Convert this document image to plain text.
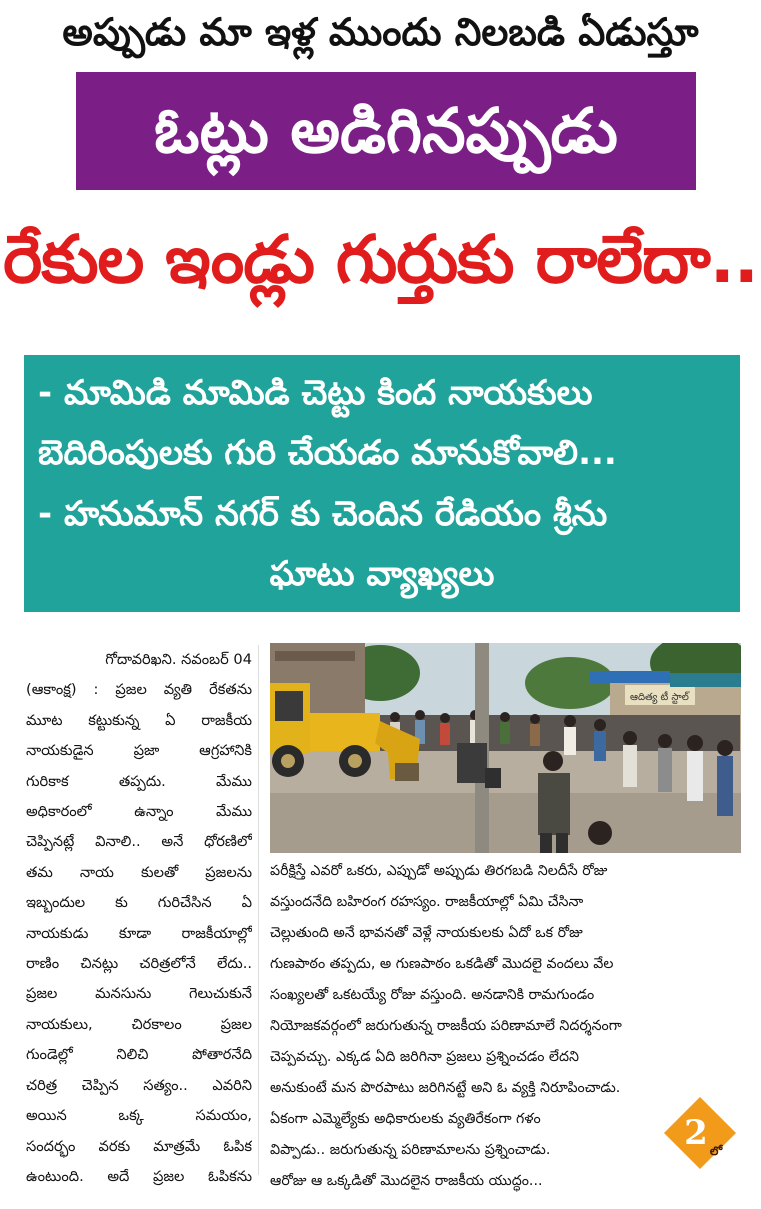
అప్పుడు మా ఇళ్ల ముందు నిలబడి ఏడుస్తూ
ఓట్లు అడిగినప్పుడు
రేకుల ఇండ్లు గుర్తుకు రాలేదా..
- మామిడి మామిడి చెట్టు కింద నాయకులు
బెదిరింపులకు గురి చేయడం మానుకోవాలి...
- హనుమాన్ నగర్ కు చెందిన రేడియం శ్రీను
ఘాటు వ్యాఖ్యలు

గోదావరిఖని. నవంబర్ 04

(ఆకాంక్ష) : ప్రజల వ్యతి రేకతను

మూట కట్టుకున్న ఏ రాజకీయ

నాయకుడైన ప్రజా ఆగ్రహానికి

గురికాక తప్పదు. మేము

అధికారంలో ఉన్నాం మేము

చెప్పినట్లే వినాలి.. అనే ధోరణిలో

తమ నాయ కులతో ప్రజలను

ఇబ్బందుల కు గురిచేసిన ఏ

నాయకుడు కూడా రాజకీయాల్లో

రాణిం చినట్లు చరిత్రలోనే లేదు..

ప్రజల మనసును గెలుచుకునే

నాయకులు, చిరకాలం ప్రజల

గుండెల్లో నిలిచి పోతారనేది

చరిత్ర చెప్పిన సత్యం.. ఎవరిని

అయిన ఒక్క సమయం,

సందర్భం వరకు మాత్రమే ఓపిక

ఉంటుంది. అదే ప్రజల ఓపికను

ఆదిత్య టీ స్టాల్

పరీక్షిస్తే ఎవరో ఒకరు, ఎప్పుడో అప్పుడు తిరగబడి నిలదీసే రోజు

వస్తుందనేది బహిరంగ రహస్యం. రాజకీయాల్లో ఏమి చేసినా

చెల్లుతుంది అనే భావనతో వెళ్లే నాయకులకు ఏదో ఒక రోజు

గుణపాఠం తప్పదు, అ గుణపాఠం ఒకడితో మొదలై వందలు వేల

సంఖ్యలతో ఒకటయ్యే రోజు వస్తుంది. అనడానికి రామగుండం

నియోజకవర్గంలో జరుగుతున్న రాజకీయ పరిణామాలే నిదర్శనంగా

చెప్పవచ్చు. ఎక్కడ ఏది జరిగినా ప్రజలు ప్రశ్నించడం లేదని

అనుకుంటే మన పొరపాటు జరిగినట్టే అని ఓ వ్యక్తి నిరూపించాడు.

ఏకంగా ఎమ్మెల్యేకు అధికారులకు వ్యతిరేకంగా గళం

విప్పాడు.. జరుగుతున్న పరిణామాలను ప్రశ్నించాడు.

ఆరోజు ఆ ఒక్కడితో మొదలైన రాజకీయ యుద్ధం...

2 లో
